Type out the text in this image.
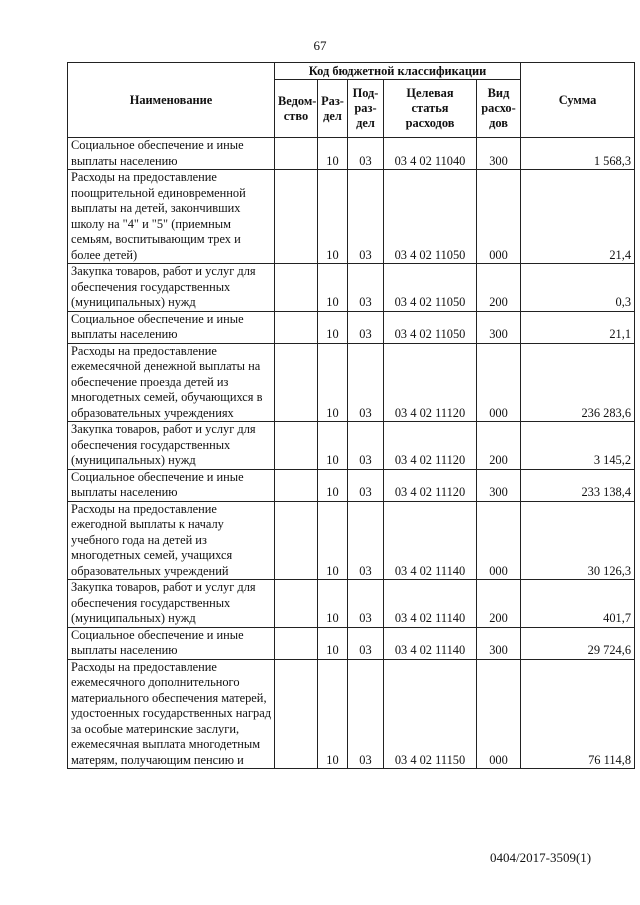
67
Наименование	Код бюджетной классификации					Сумма
	Ведом-ство	Раз-дел	Под-раз-дел	Целевая статья расходов	Вид расхо-дов	
Социальное обеспечение и иные выплаты населению		10	03	03 4 02 11040	300	1 568,3
Расходы на предоставление поощрительной единовременной выплаты на детей, закончивших школу на "4" и "5" (приемным семьям, воспитывающим трех и более детей)		10	03	03 4 02 11050	000	21,4
Закупка товаров, работ и услуг для обеспечения государственных (муниципальных) нужд		10	03	03 4 02 11050	200	0,3
Социальное обеспечение и иные выплаты населению		10	03	03 4 02 11050	300	21,1
Расходы на предоставление ежемесячной денежной выплаты на обеспечение проезда детей из многодетных семей, обучающихся в образовательных учреждениях		10	03	03 4 02 11120	000	236 283,6
Закупка товаров, работ и услуг для обеспечения государственных (муниципальных) нужд		10	03	03 4 02 11120	200	3 145,2
Социальное обеспечение и иные выплаты населению		10	03	03 4 02 11120	300	233 138,4
Расходы на предоставление ежегодной выплаты к началу учебного года на детей из многодетных семей, учащихся образовательных учреждений		10	03	03 4 02 11140	000	30 126,3
Закупка товаров, работ и услуг для обеспечения государственных (муниципальных) нужд		10	03	03 4 02 11140	200	401,7
Социальное обеспечение и иные выплаты населению		10	03	03 4 02 11140	300	29 724,6
Расходы на предоставление ежемесячного дополнительного материального обеспечения матерей, удостоенных государственных наград за особые материнские заслуги, ежемесячная выплата многодетным матерям, получающим пенсию и		10	03	03 4 02 11150	000	76 114,8
0404/2017-3509(1)
